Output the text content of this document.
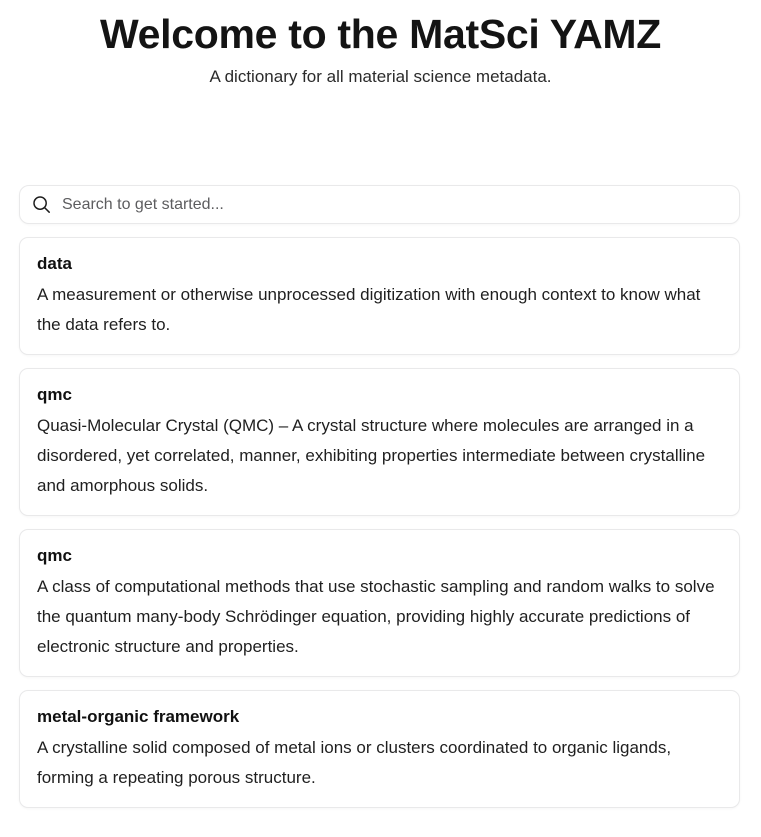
Welcome to the MatSci YAMZ

A dictionary for all material science metadata.

Search to get started...
data
A measurement or otherwise unprocessed digitization with enough context to know what the data refers to.
qmc
Quasi-Molecular Crystal (QMC) – A crystal structure where molecules are arranged in a disordered, yet correlated, manner, exhibiting properties intermediate between crystalline and amorphous solids.
qmc
A class of computational methods that use stochastic sampling and random walks to solve the quantum many-body Schrödinger equation, providing highly accurate predictions of electronic structure and properties.
metal-organic framework
A crystalline solid composed of metal ions or clusters coordinated to organic ligands, forming a repeating porous structure.
